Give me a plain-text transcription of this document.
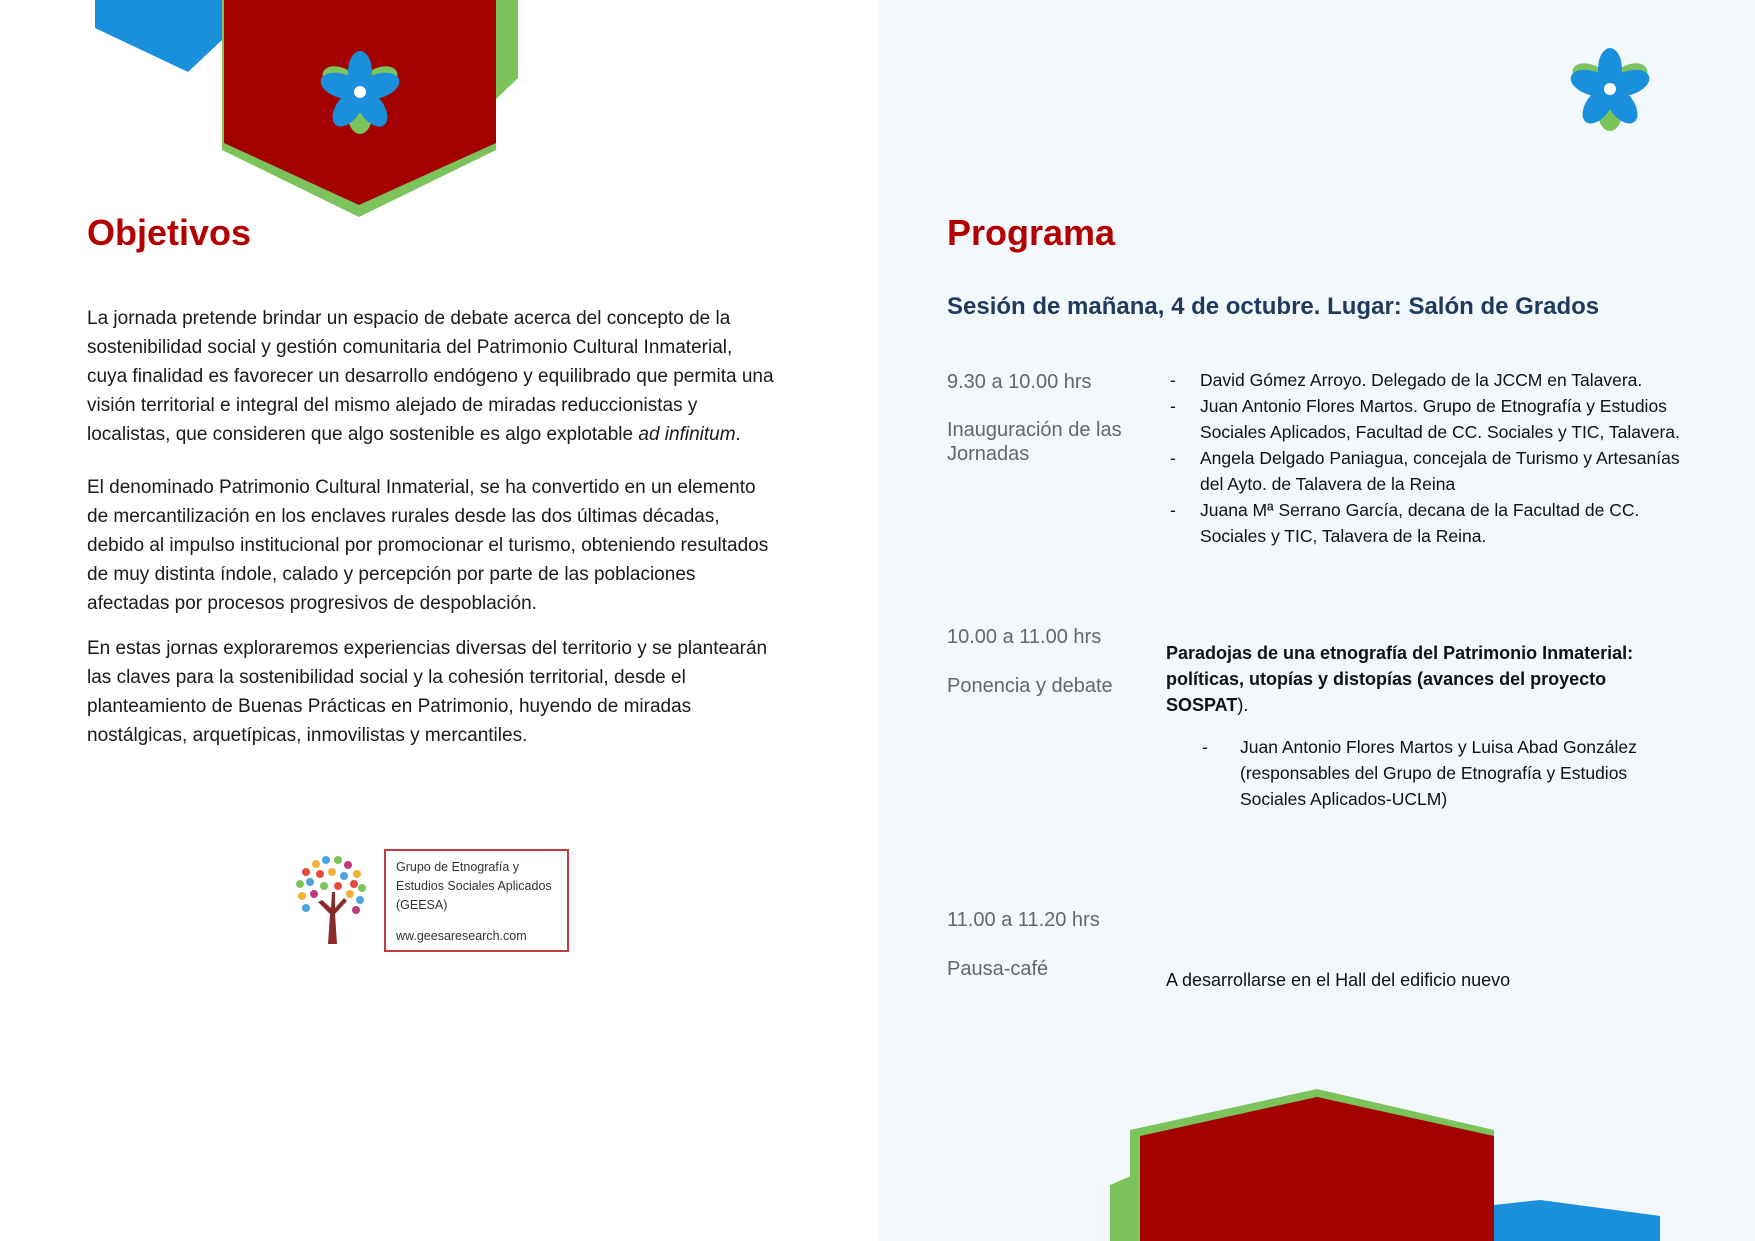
Objetivos

La jornada pretende brindar un espacio de debate acerca del concepto de la sostenibilidad social y gestión comunitaria del Patrimonio Cultural Inmaterial, cuya finalidad es favorecer un desarrollo endógeno y equilibrado que permita una visión territorial e integral del mismo alejado de miradas reduccionistas y localistas, que consideren que algo sostenible es algo explotable ad infinitum.

El denominado Patrimonio Cultural Inmaterial, se ha convertido en un elemento de mercantilización en los enclaves rurales desde las dos últimas décadas, debido al impulso institucional por promocionar el turismo, obteniendo resultados de muy distinta índole, calado y percepción por parte de las poblaciones afectadas por procesos progresivos de despoblación.

En estas jornas exploraremos experiencias diversas del territorio y se plantearán las claves para la sostenibilidad social y la cohesión territorial, desde el planteamiento de Buenas Prácticas en Patrimonio, huyendo de miradas nostálgicas, arquetípicas, inmovilistas y mercantiles.

Grupo de Etnografía y
Estudios Sociales Aplicados
(GEESA)
ww.geesaresearch.com
Programa

Sesión de mañana, 4 de octubre. Lugar: Salón de Grados

9.30 a 10.00 hrs
Inauguración de las Jornadas
- David Gómez Arroyo. Delegado de la JCCM en Talavera.
- Juan Antonio Flores Martos. Grupo de Etnografía y Estudios Sociales Aplicados, Facultad de CC. Sociales y TIC, Talavera.
- Angela Delgado Paniagua, concejala de Turismo y Artesanías del Ayto. de Talavera de la Reina
- Juana Mª Serrano García, decana de la Facultad de CC. Sociales y TIC, Talavera de la Reina.
10.00 a 11.00 hrs
Ponencia y debate

Paradojas de una etnografía del Patrimonio Inmaterial: políticas, utopías y distopías (avances del proyecto SOSPAT).

- Juan Antonio Flores Martos y Luisa Abad González (responsables del Grupo de Etnografía y Estudios Sociales Aplicados-UCLM)
11.00 a 11.20 hrs
Pausa-café	A desarrollarse en el Hall del edificio nuevo
